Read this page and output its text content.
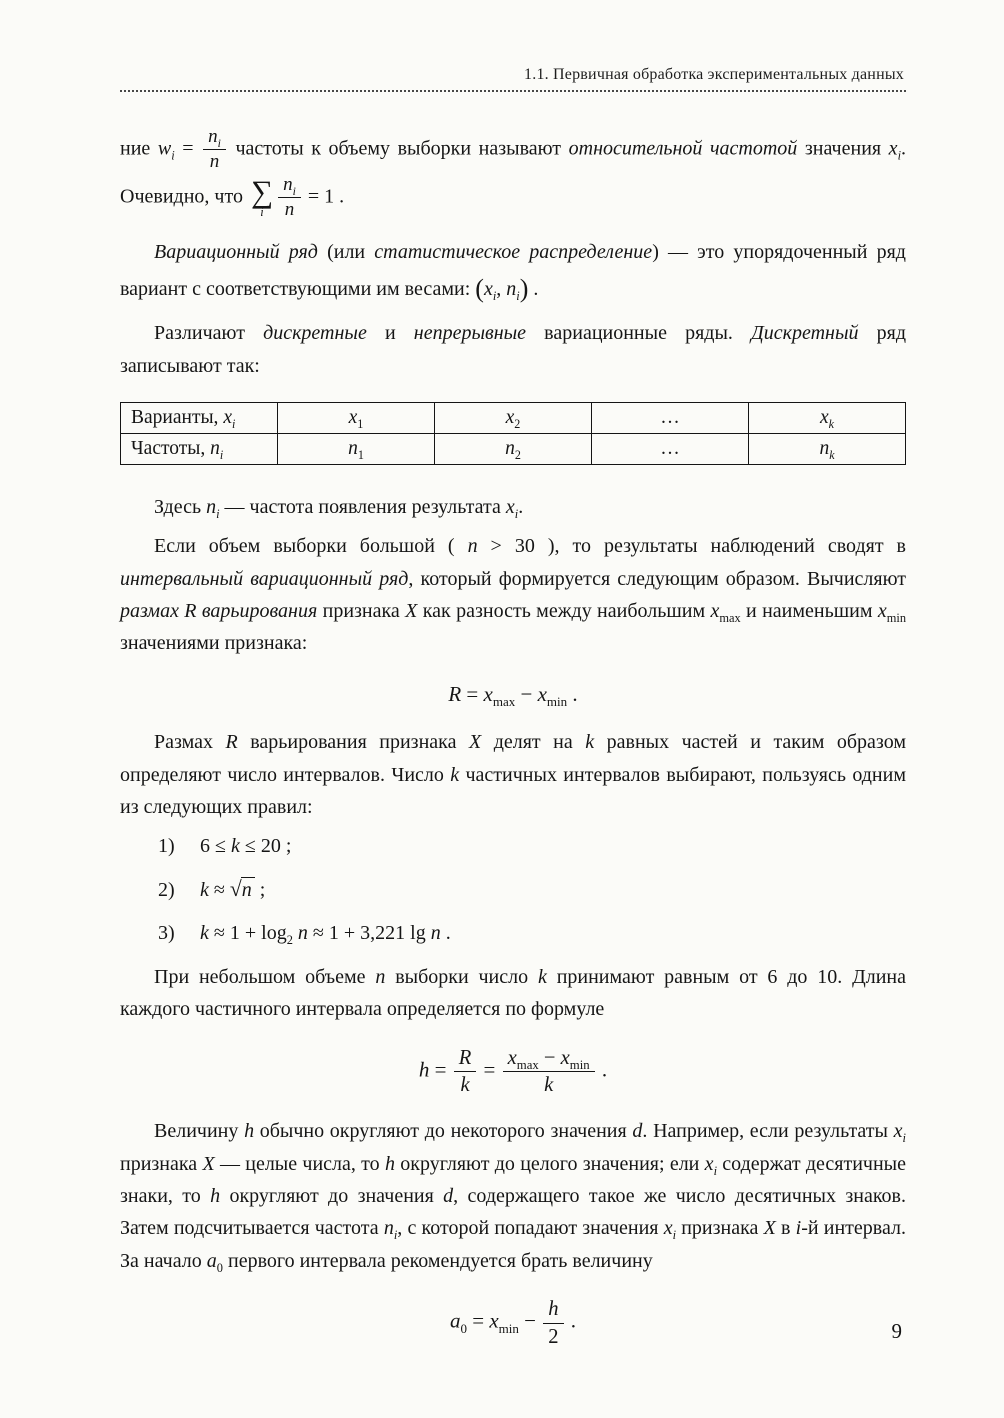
1.1. Первичная обработка экспериментальных данных

ние $w_i = \frac{n_i}{n}$ частоты к объему выборки называют относительной частотой значения $x_i$. Очевидно, что ∑
i $\frac{n_i}{n} = 1$ .

Вариационный ряд (или статистическое распределение) — это упорядоченный ряд вариант с соответствующими им весами: ($x_i$, $n_i$) .

Различают дискретные и непрерывные вариационные ряды. Дискретный ряд записывают так:

Варианты, $x_i$	$x_1$	$x_2$	…	$x_k$
Частоты, $n_i$	$n_1$	$n_2$	…	$n_k$

Здесь $n_i$ — частота появления результата $x_i$.

Если объем выборки большой ( n > 30 ), то результаты наблюдений сводят в интервальный вариационный ряд, который формируется следующим образом. Вычисляют размах R варьирования признака X как разность между наибольшим $x_{max}$ и наименьшим $x_{min}$ значениями признака:

$R = x_{max} - x_{min}$ .

Размах R варьирования признака X делят на k равных частей и таким образом определяют число интервалов. Число k частичных интервалов выбирают, пользуясь одним из следующих правил:

1)	6 ≤ k ≤ 20 ;
2)	k ≈ √n ;
3)	$k \approx 1 + \log_2 n \approx 1 + 3,221$ lg n .

При небольшом объеме n выборки число k принимают равным от 6 до 10. Длина каждого частичного интервала определяется по формуле

$h = \frac{R}{k} = \frac{x_{max} - x_{min}}{k}$ .

Величину h обычно округляют до некоторого значения d. Например, если результаты $x_i$ признака X — целые числа, то h округляют до целого значения; ели $x_i$ содержат десятичные знаки, то h округляют до значения d, содержащего такое же число десятичных знаков. Затем подсчитывается частота $n_i$, с которой попадают значения $x_i$ признака X в i-й интервал. За начало $a_0$ первого интервала рекомендуется брать величину

$a_0 = x_{min} - \frac{h}{2}$ .	9
